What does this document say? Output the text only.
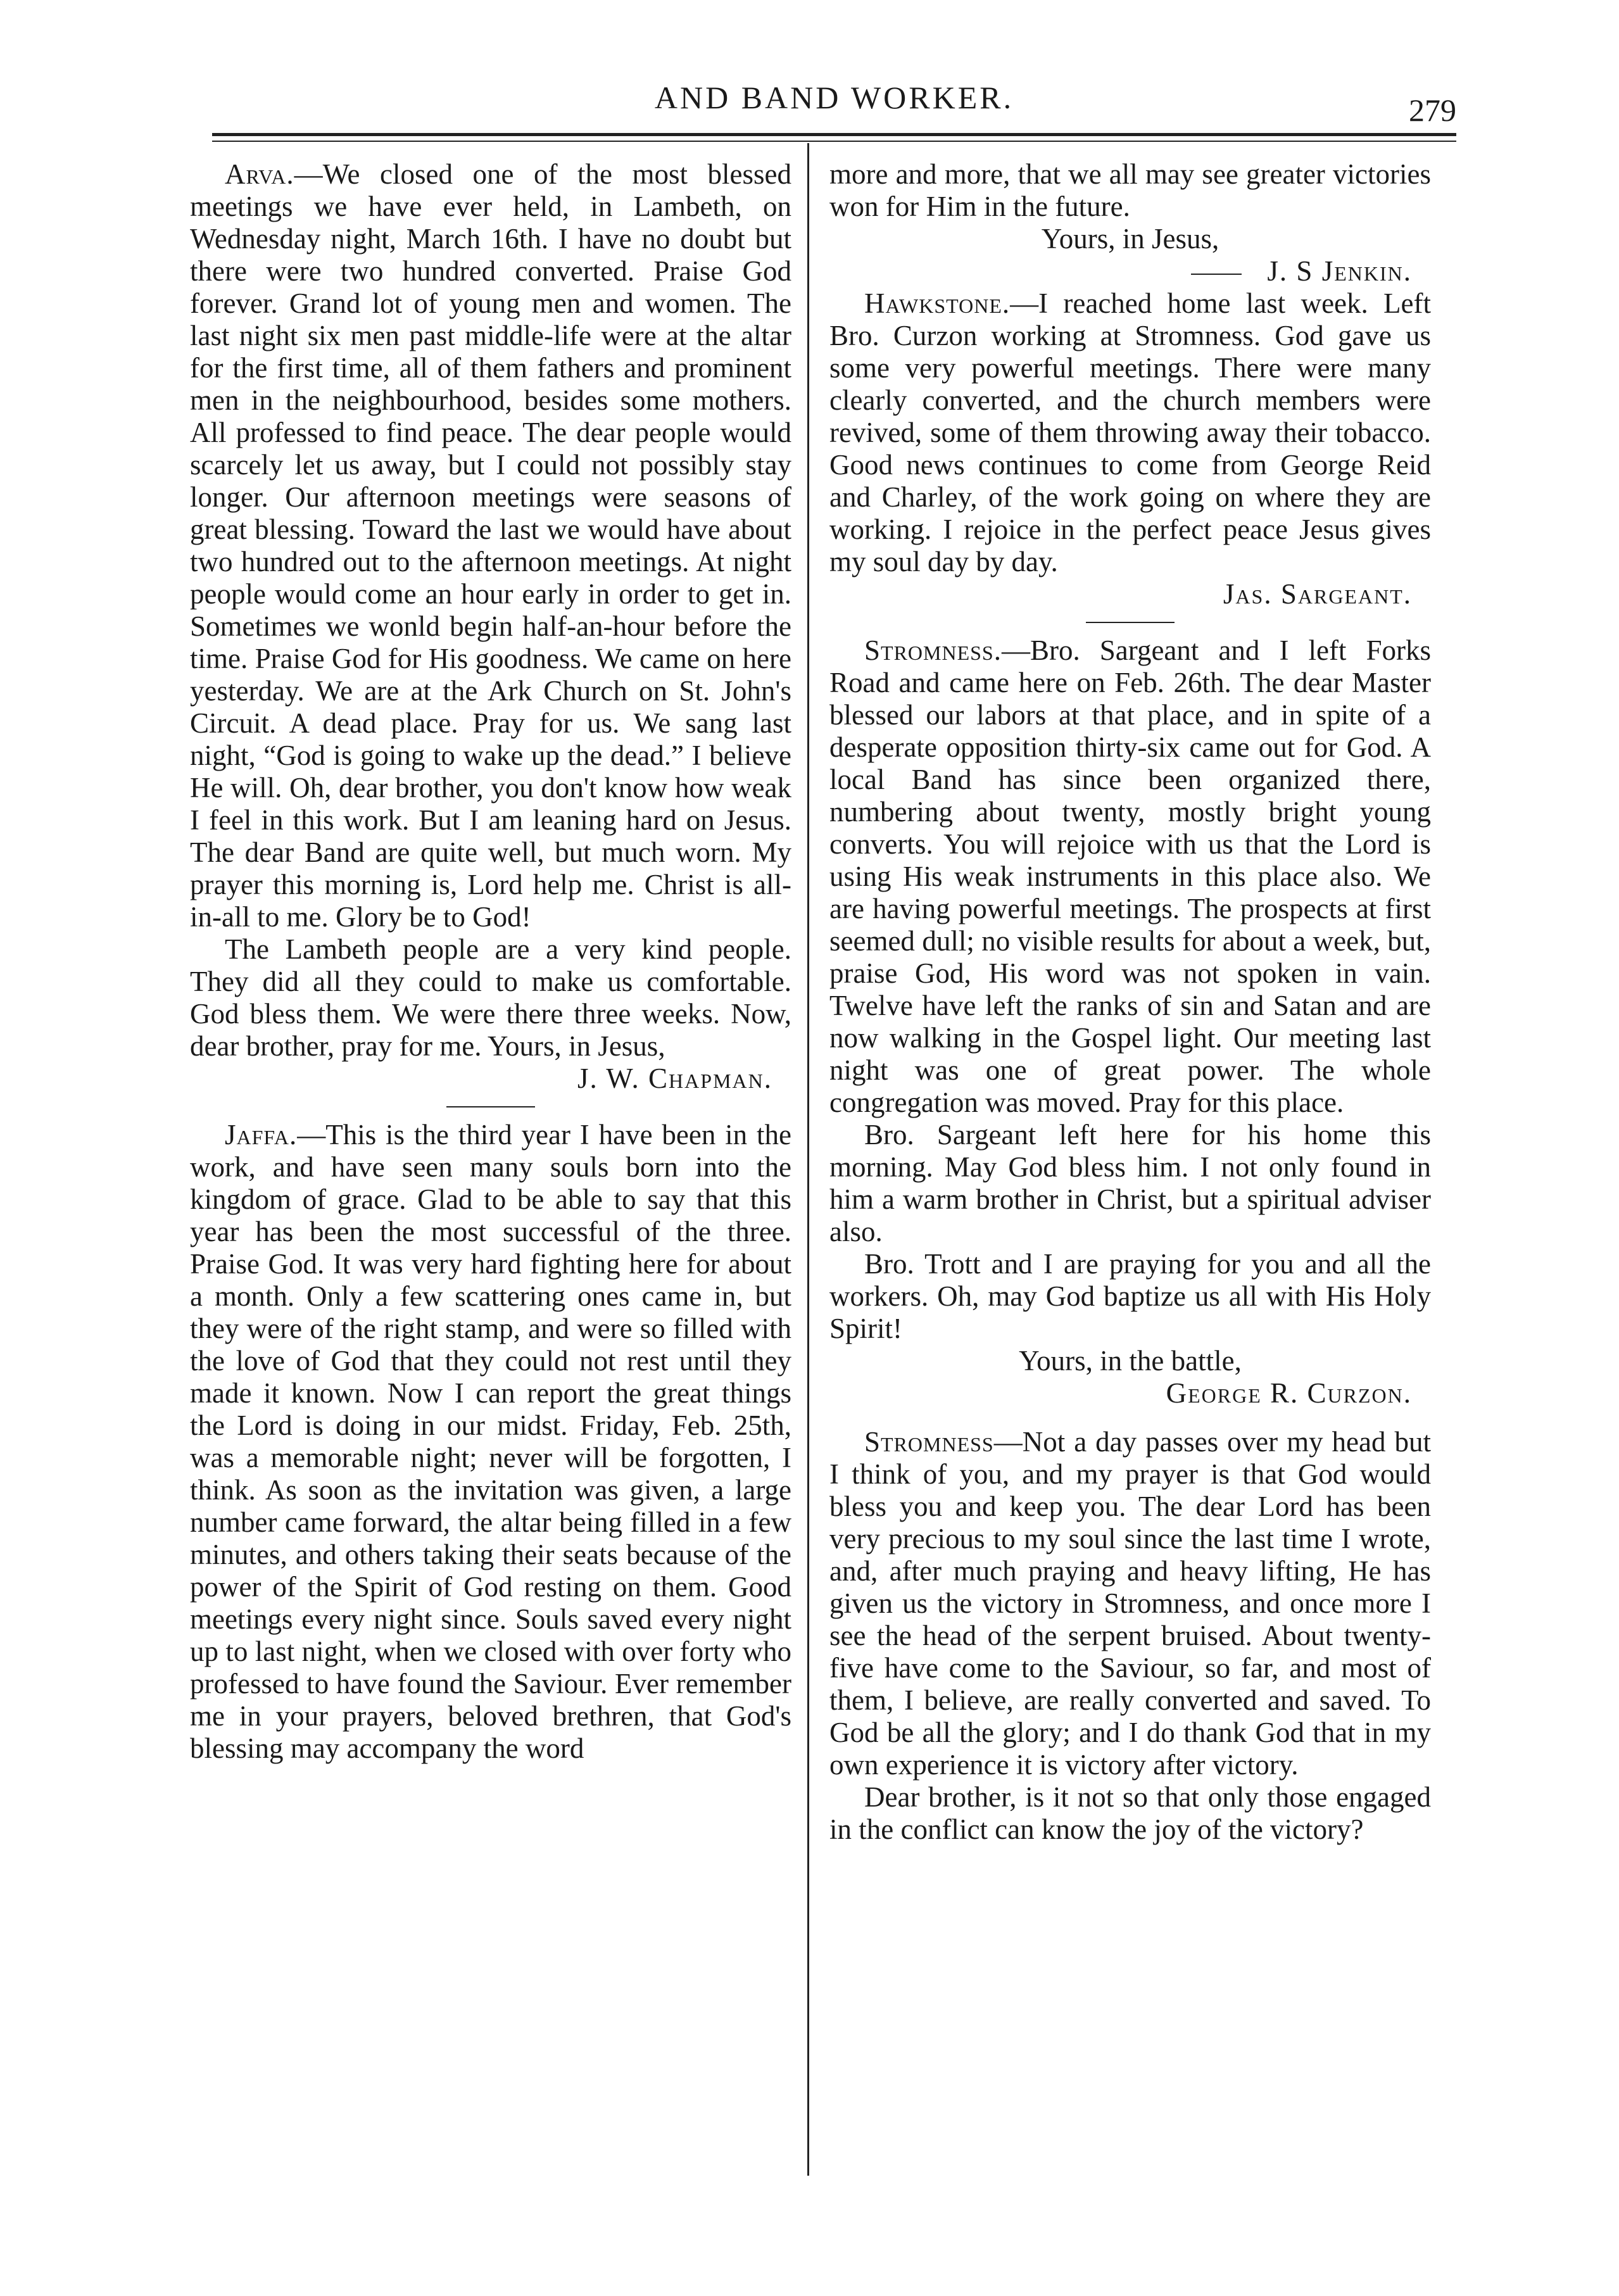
AND BAND WORKER.	279

Arva.—We closed one of the most blessed meetings we have ever held, in Lambeth, on Wednesday night, March 16th. I have no doubt but there were two hundred converted. Praise God forever. Grand lot of young men and women. The last night six men past middle-life were at the altar for the first time, all of them fathers and prominent men in the neighbourhood, besides some mothers. All professed to find peace. The dear people would scarcely let us away, but I could not possibly stay longer. Our afternoon meetings were seasons of great blessing. Toward the last we would have about two hundred out to the afternoon meetings. At night people would come an hour early in order to get in. Sometimes we wonld begin half-an-hour before the time. Praise God for His goodness. We came on here yesterday. We are at the Ark Church on St. John's Circuit. A dead place. Pray for us. We sang last night, “God is going to wake up the dead.” I believe He will. Oh, dear brother, you don't know how weak I feel in this work. But I am leaning hard on Jesus. The dear Band are quite well, but much worn. My prayer this morning is, Lord help me. Christ is all-in-all to me. Glory be to God!

The Lambeth people are a very kind people. They did all they could to make us comfortable. God bless them. We were there three weeks. Now, dear brother, pray for me. Yours, in Jesus,

J. W. Chapman.

Jaffa.—This is the third year I have been in the work, and have seen many souls born into the kingdom of grace. Glad to be able to say that this year has been the most successful of the three. Praise God. It was very hard fighting here for about a month. Only a few scattering ones came in, but they were of the right stamp, and were so filled with the love of God that they could not rest until they made it known. Now I can report the great things the Lord is doing in our midst. Friday, Feb. 25th, was a memorable night; never will be forgotten, I think. As soon as the invitation was given, a large number came forward, the altar being filled in a few minutes, and others taking their seats because of the power of the Spirit of God resting on them. Good meetings every night since. Souls saved every night up to last night, when we closed with over forty who professed to have found the Saviour. Ever remember me in your prayers, beloved brethren, that God's blessing may accompany the word

more and more, that we all may see greater victories won for Him in the future.

Yours, in Jesus,

J. S Jenkin.

Hawkstone.—I reached home last week. Left Bro. Curzon working at Stromness. God gave us some very powerful meetings. There were many clearly converted, and the church members were revived, some of them throwing away their tobacco. Good news continues to come from George Reid and Charley, of the work going on where they are working. I rejoice in the perfect peace Jesus gives my soul day by day.

Jas. Sargeant.

Stromness.—Bro. Sargeant and I left Forks Road and came here on Feb. 26th. The dear Master blessed our labors at that place, and in spite of a desperate opposition thirty-six came out for God. A local Band has since been organized there, numbering about twenty, mostly bright young converts. You will rejoice with us that the Lord is using His weak instruments in this place also. We are having powerful meetings. The prospects at first seemed dull; no visible results for about a week, but, praise God, His word was not spoken in vain. Twelve have left the ranks of sin and Satan and are now walking in the Gospel light. Our meeting last night was one of great power. The whole congregation was moved. Pray for this place.

Bro. Sargeant left here for his home this morning. May God bless him. I not only found in him a warm brother in Christ, but a spiritual adviser also.

Bro. Trott and I are praying for you and all the workers. Oh, may God baptize us all with His Holy Spirit!

Yours, in the battle,

George R. Curzon.

Stromness—Not a day passes over my head but I think of you, and my prayer is that God would bless you and keep you. The dear Lord has been very precious to my soul since the last time I wrote, and, after much praying and heavy lifting, He has given us the victory in Stromness, and once more I see the head of the serpent bruised. About twenty-five have come to the Saviour, so far, and most of them, I believe, are really converted and saved. To God be all the glory; and I do thank God that in my own experience it is victory after victory.

Dear brother, is it not so that only those engaged in the conflict can know the joy of the victory?
